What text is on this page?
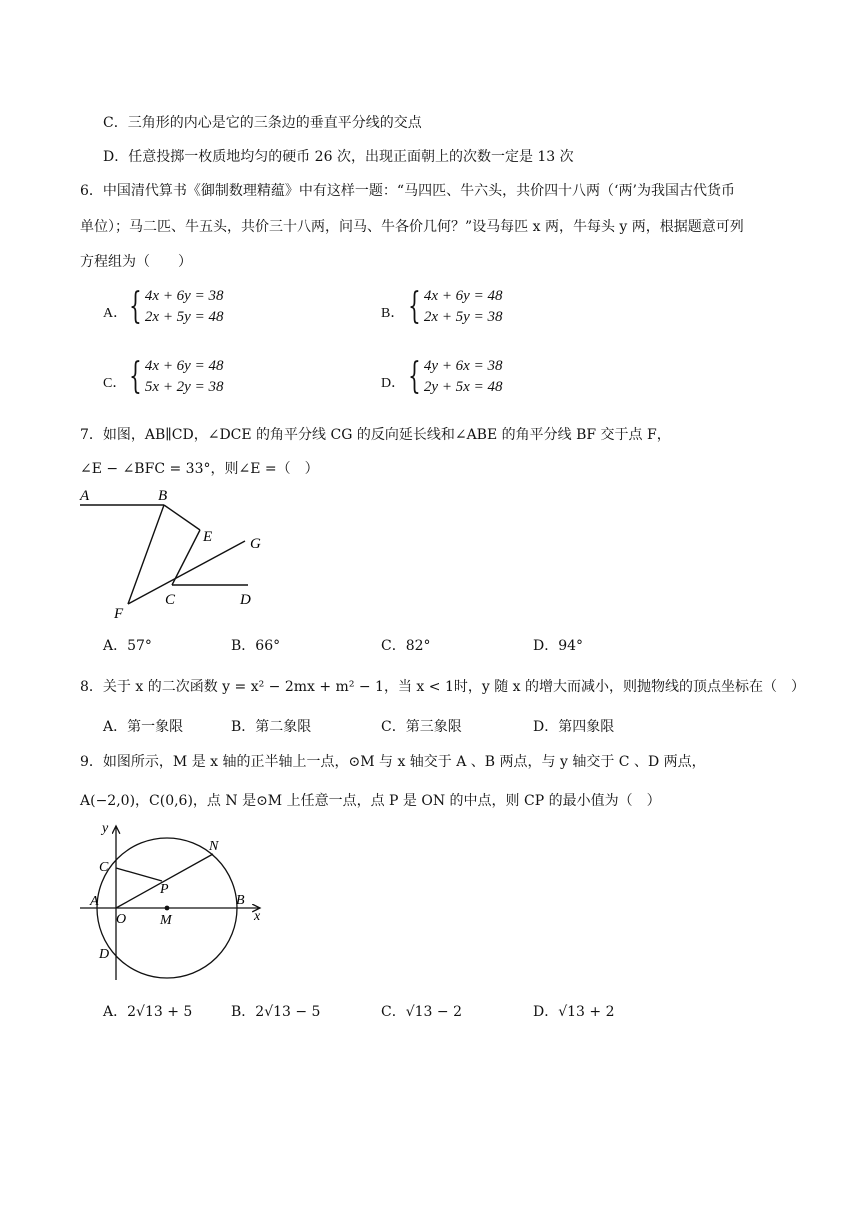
C．三角形的内心是它的三条边的垂直平分线的交点
D．任意投掷一枚质地均匀的硬币 26 次，出现正面朝上的次数一定是 13 次
6．中国清代算书《御制数理精蕴》中有这样一题：“马四匹、牛六头，共价四十八两（‘两’为我国古代货币
单位）；马二匹、牛五头，共价三十八两，问马、牛各价几何？”设马每匹 x 两，牛每头 y 两，根据题意可列
方程组为（　　）
A． { 4x + 6y = 38
2x + 5y = 48	B． { 4x + 6y = 48
2x + 5y = 38
C． { 4x + 6y = 48
5x + 2y = 38	D． { 4y + 6x = 38
2y + 5x = 48
7．如图，AB∥CD，∠DCE 的角平分线 CG 的反向延长线和∠ABE 的角平分线 BF 交于点 F，
∠E − ∠BFC = 33°，则∠E =（　）
A	B
E	G
C	D
F
A．57°	B．66°	C．82°	D．94°
8．关于 x 的二次函数 y = x² − 2mx + m² − 1，当 x < 1时，y 随 x 的增大而减小，则抛物线的顶点坐标在（　）
A．第一象限	B．第二象限	C．第三象限	D．第四象限
9．如图所示，M 是 x 轴的正半轴上一点，⊙M 与 x 轴交于 A 、B 两点，与 y 轴交于 C 、D 两点，
A(−2,0)，C(0,6)，点 N 是⊙M 上任意一点，点 P 是 ON 的中点，则 CP 的最小值为（　）
y
x
N
C
P
A
O M
B
D
A．2√13 + 5	B．2√13 − 5	C．√13 − 2	D．√13 + 2
